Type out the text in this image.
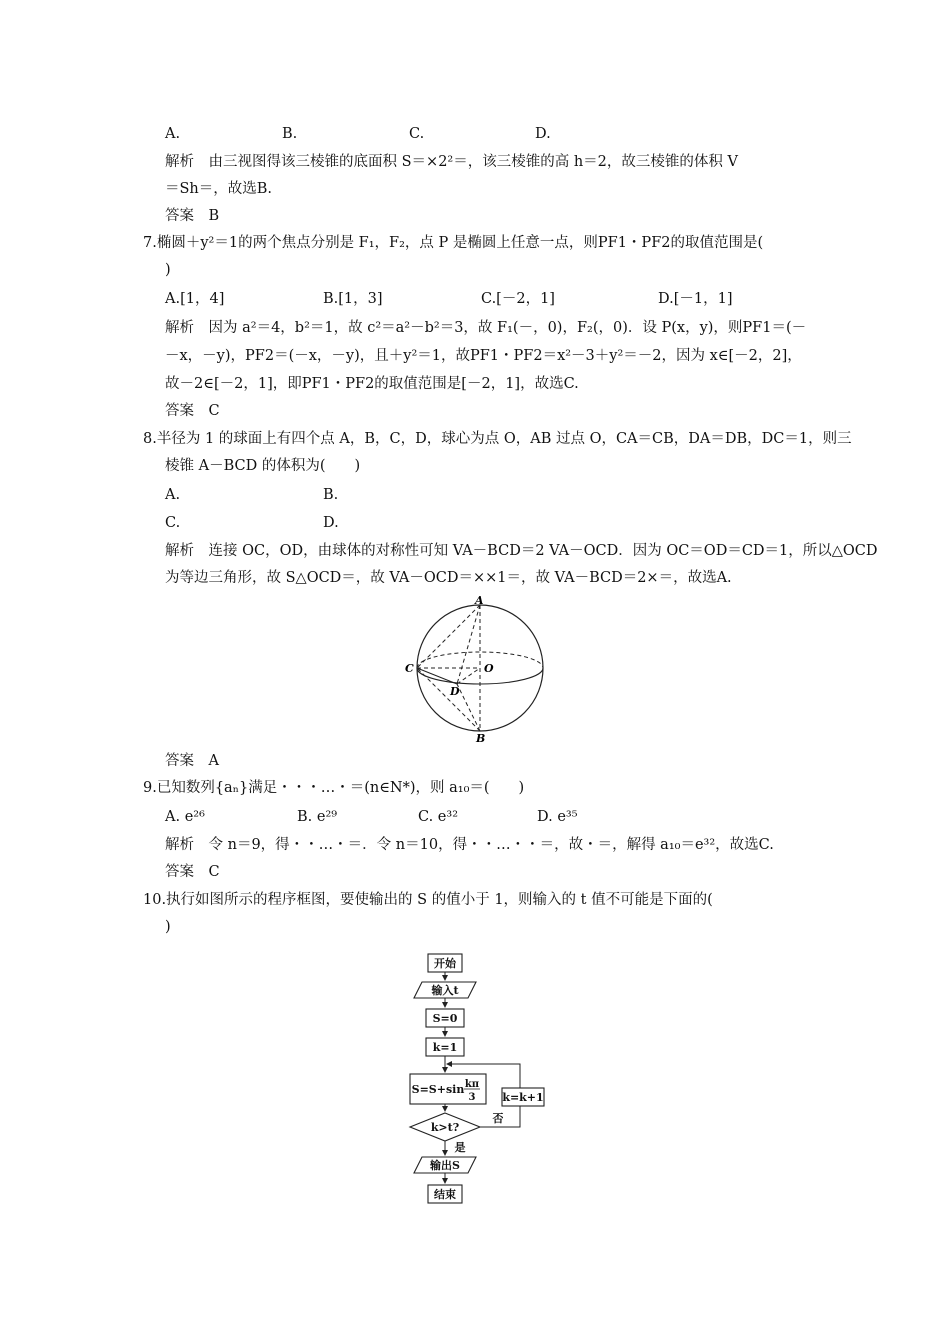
A.	B.	C.	D.
解析　由三视图得该三棱锥的底面积 S＝×2²＝，该三棱锥的高 h＝2，故三棱锥的体积 V
＝Sh＝，故选B.
答案　B
7.椭圆＋y²＝1的两个焦点分别是 F₁，F₂，点 P 是椭圆上任意一点，则PF1・PF2的取值范围是(
)
A.[1，4]	B.[1，3]	C.[－2，1]	D.[－1，1]
解析　因为 a²＝4，b²＝1，故 c²＝a²－b²＝3，故 F₁(－，0)，F₂(，0)．设 P(x，y)，则PF1＝(－
－x，－y)，PF2＝(－x，－y)，且＋y²＝1，故PF1・PF2＝x²－3＋y²＝－2，因为 x∈[－2，2]，
故－2∈[－2，1]，即PF1・PF2的取值范围是[－2，1]，故选C.
答案　C
8.半径为 1 的球面上有四个点 A，B，C，D，球心为点 O，AB 过点 O，CA＝CB，DA＝DB，DC＝1，则三
棱锥 A－BCD 的体积为(　　)
A.	B.
C.	D.
解析　连接 OC，OD，由球体的对称性可知 VA－BCD＝2 VA－OCD．因为 OC＝OD＝CD＝1，所以△OCD
为等边三角形，故 S△OCD＝，故 VA－OCD＝××1＝，故 VA－BCD＝2×＝，故选A.
A
B
C
D
O
答案　A
9.已知数列{aₙ}满足・・・…・＝(n∈N*)，则 a₁₀＝(　　)
A. e²⁶	B. e²⁹	C. e³²	D. e³⁵
解析　令 n＝9，得・・…・＝．令 n＝10，得・・…・・＝，故・＝，解得 a₁₀＝e³²，故选C.
答案　C
10.执行如图所示的程序框图，要使输出的 S 的值小于 1，则输入的 t 值不可能是下面的(
)
开始
输入t
S=0
k=1
S=S+sin kπ
3
k>t?
否
k=k+1
是
输出S
结束
